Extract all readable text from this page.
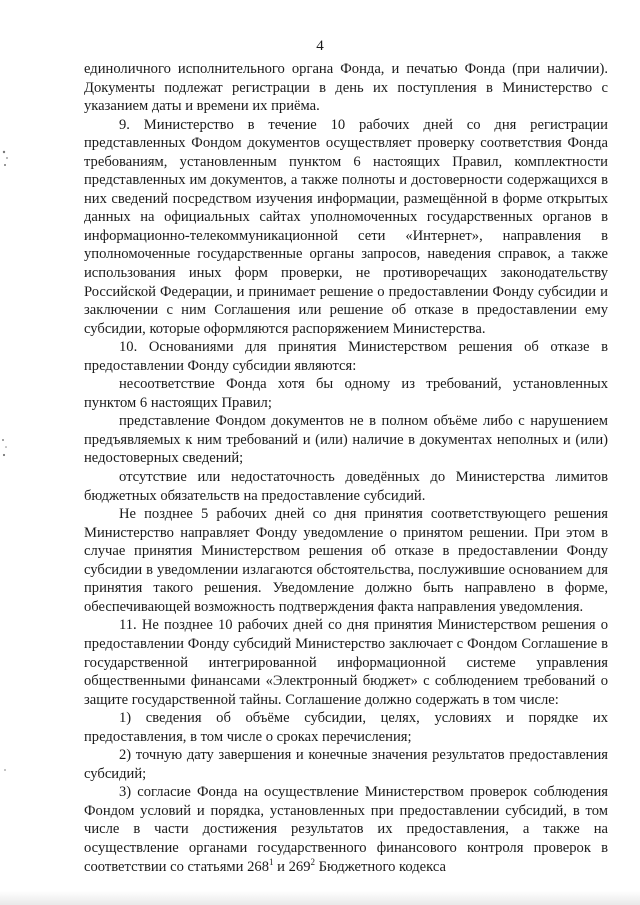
4

единоличного исполнительного органа Фонда, и печатью Фонда (при наличии). Документы подлежат регистрации в день их поступления в Министерство с указанием даты и времени их приёма.

9. Министерство в течение 10 рабочих дней со дня регистрации представленных Фондом документов осуществляет проверку соответствия Фонда требованиям, установленным пунктом 6 настоящих Правил, комплектности представленных им документов, а также полноты и достоверности содержащихся в них сведений посредством изучения информации, размещённой в форме открытых данных на официальных сайтах уполномоченных государственных органов в информационно-телекоммуникационной сети «Интернет», направления в уполномоченные государственные органы запросов, наведения справок, а также использования иных форм проверки, не противоречащих законодательству Российской Федерации, и принимает решение о предоставлении Фонду субсидии и заключении с ним Соглашения или решение об отказе в предоставлении ему субсидии, которые оформляются распоряжением Министерства.

10. Основаниями для принятия Министерством решения об отказе в предоставлении Фонду субсидии являются:

несоответствие Фонда хотя бы одному из требований, установленных пунктом 6 настоящих Правил;

представление Фондом документов не в полном объёме либо с нарушением предъявляемых к ним требований и (или) наличие в документах неполных и (или) недостоверных сведений;

отсутствие или недостаточность доведённых до Министерства лимитов бюджетных обязательств на предоставление субсидий.

Не позднее 5 рабочих дней со дня принятия соответствующего решения Министерство направляет Фонду уведомление о принятом решении. При этом в случае принятия Министерством решения об отказе в предоставлении Фонду субсидии в уведомлении излагаются обстоятельства, послужившие основанием для принятия такого решения. Уведомление должно быть направлено в форме, обеспечивающей возможность подтверждения факта направления уведомления.

11. Не позднее 10 рабочих дней со дня принятия Министерством решения о предоставлении Фонду субсидий Министерство заключает с Фондом Соглашение в государственной интегрированной информационной системе управления общественными финансами «Электронный бюджет» с соблюдением требований о защите государственной тайны. Соглашение должно содержать в том числе:

1) сведения об объёме субсидии, целях, условиях и порядке их предоставления, в том числе о сроках перечисления;

2) точную дату завершения и конечные значения результатов предоставления субсидий;

3) согласие Фонда на осуществление Министерством проверок соблюдения Фондом условий и порядка, установленных при предоставлении субсидий, в том числе в части достижения результатов их предоставления, а также на осуществление органами государственного финансового контроля проверок в соответствии со статьями $268^1$ и $269^2$ Бюджетного кодекса
